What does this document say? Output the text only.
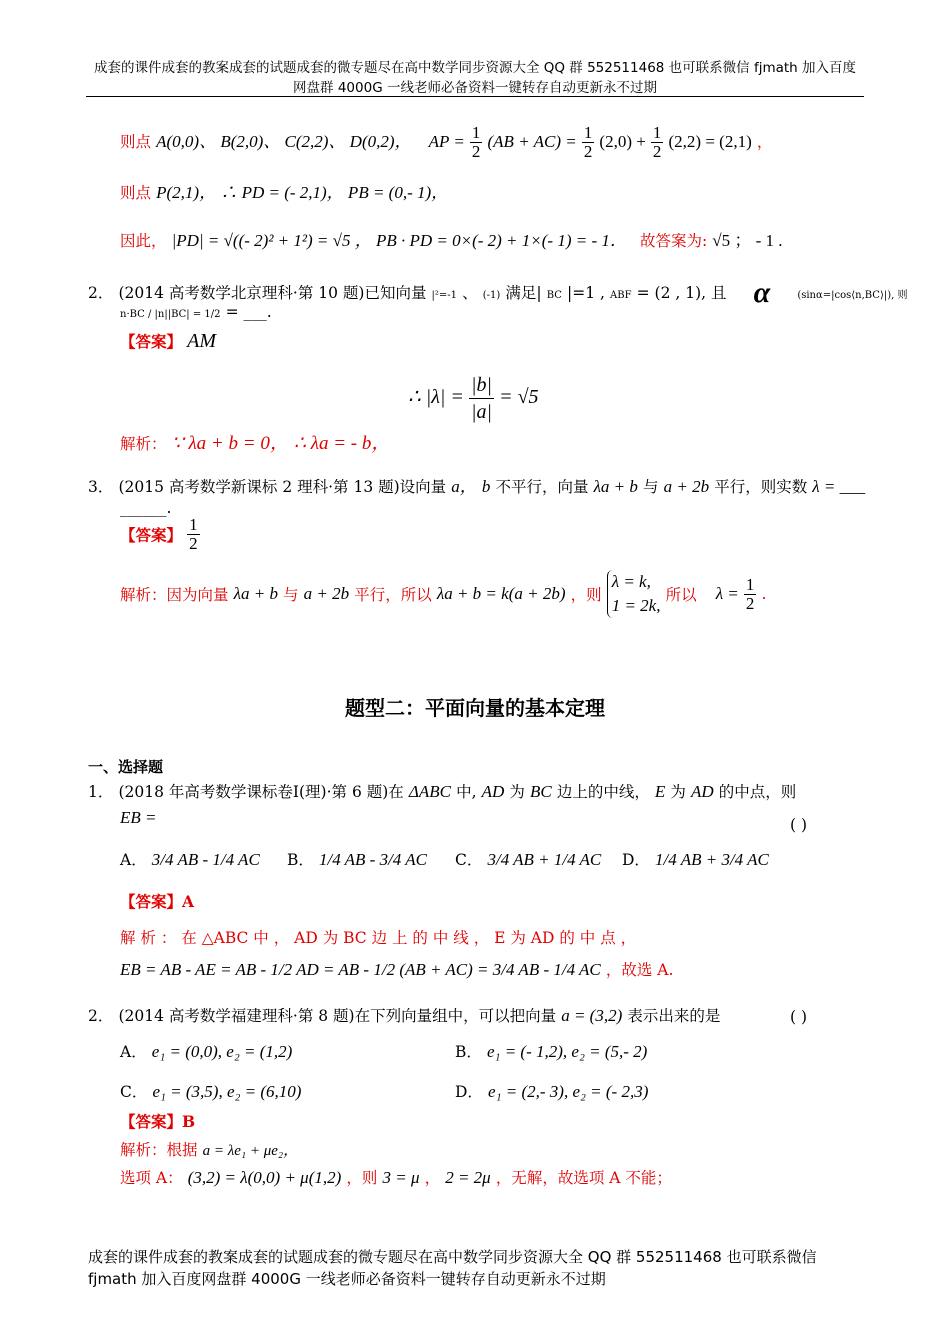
成套的课件成套的教案成套的试题成套的微专题尽在高中数学同步资源大全 QQ 群 552511468 也可联系微信 fjmath 加入百度
网盘群 4000G 一线老师必备资料一键转存自动更新永不过期
则点 A(0,0)、 B(2,0)、 C(2,2)、 D(0,2)， AP = $\frac{1}{2} (AB + AC) = \frac{1}{2} (2,0) + \frac{1}{2} (2,2) = (2,1)$ ，
则点 P(2,1)， ∴ PD = (- 2,1)， PB = (0,- 1)，
因此， |PD| = √((- 2)² + 1²) = √5 ， PB · PD = 0×(- 2) + 1×(- 1) = - 1． 故答案为: √5 ； - 1 .
2． (2014 高考数学北京理科·第 10 题)已知向量 |²=-1 、 (-1) 满足| BC |=1 , ABF = (2 , 1), 且 α	(sinα=|cos⟨n,BC⟩|), 则
n·BC / |n||BC| = 1/2 = ___.
【答案】 AM
∴ $|\lambda| = \frac{|b|}{|a|} = √5$
解析： ∵ λa + b = 0， ∴ λa = - b，
3． (2015 高考数学新课标 2 理科·第 13 题)设向量 a， b 不平行，向量 λa + b 与 a + 2b 平行，则实数 λ = ___
______.
【答案】 $\frac{1}{2}$
解析：因为向量 λa + b 与 a + 2b 平行，所以 λa + b = k(a + 2b) ，则
λ = k,
1 = 2k,
所以 $\lambda = \frac{1}{2}$ .
题型二：平面向量的基本定理
一、选择题
1． (2018 年高考数学课标卷Ⅰ(理)·第 6 题)在 ΔABC 中, AD 为 BC 边上的中线， E 为 AD 的中点，则
EB =	( )
A． 3/4 AB - 1/4 AC B． 1/4 AB - 3/4 AC C． 3/4 AB + 1/4 AC D． 1/4 AB + 3/4 AC
【答案】A
解 析 ： 在 △ABC 中 ， AD 为 BC 边 上 的 中 线 ， E 为 AD 的 中 点 ，
EB = AB - AE = AB - 1/2 AD = AB - 1/2 (AB + AC) = 3/4 AB - 1/4 AC ，故选 A.
2． (2014 高考数学福建理科·第 8 题)在下列向量组中，可以把向量 a = (3,2) 表示出来的是	( )
A． e₁ = (0,0), e₂ = (1,2)	B． e₁ = (- 1,2), e₂ = (5,- 2)
C． e₁ = (3,5), e₂ = (6,10)	D． e₁ = (2,- 3), e₂ = (- 2,3)
【答案】B
解析：根据 a = λe₁ + μe₂，
选项 A： (3,2) = λ(0,0) + μ(1,2) ，则 3 = μ ， 2 = 2μ ，无解，故选项 A 不能；
成套的课件成套的教案成套的试题成套的微专题尽在高中数学同步资源大全 QQ 群 552511468 也可联系微信 fjmath 加入百度网盘群 4000G 一线老师必备资料一键转存自动更新永不过期
